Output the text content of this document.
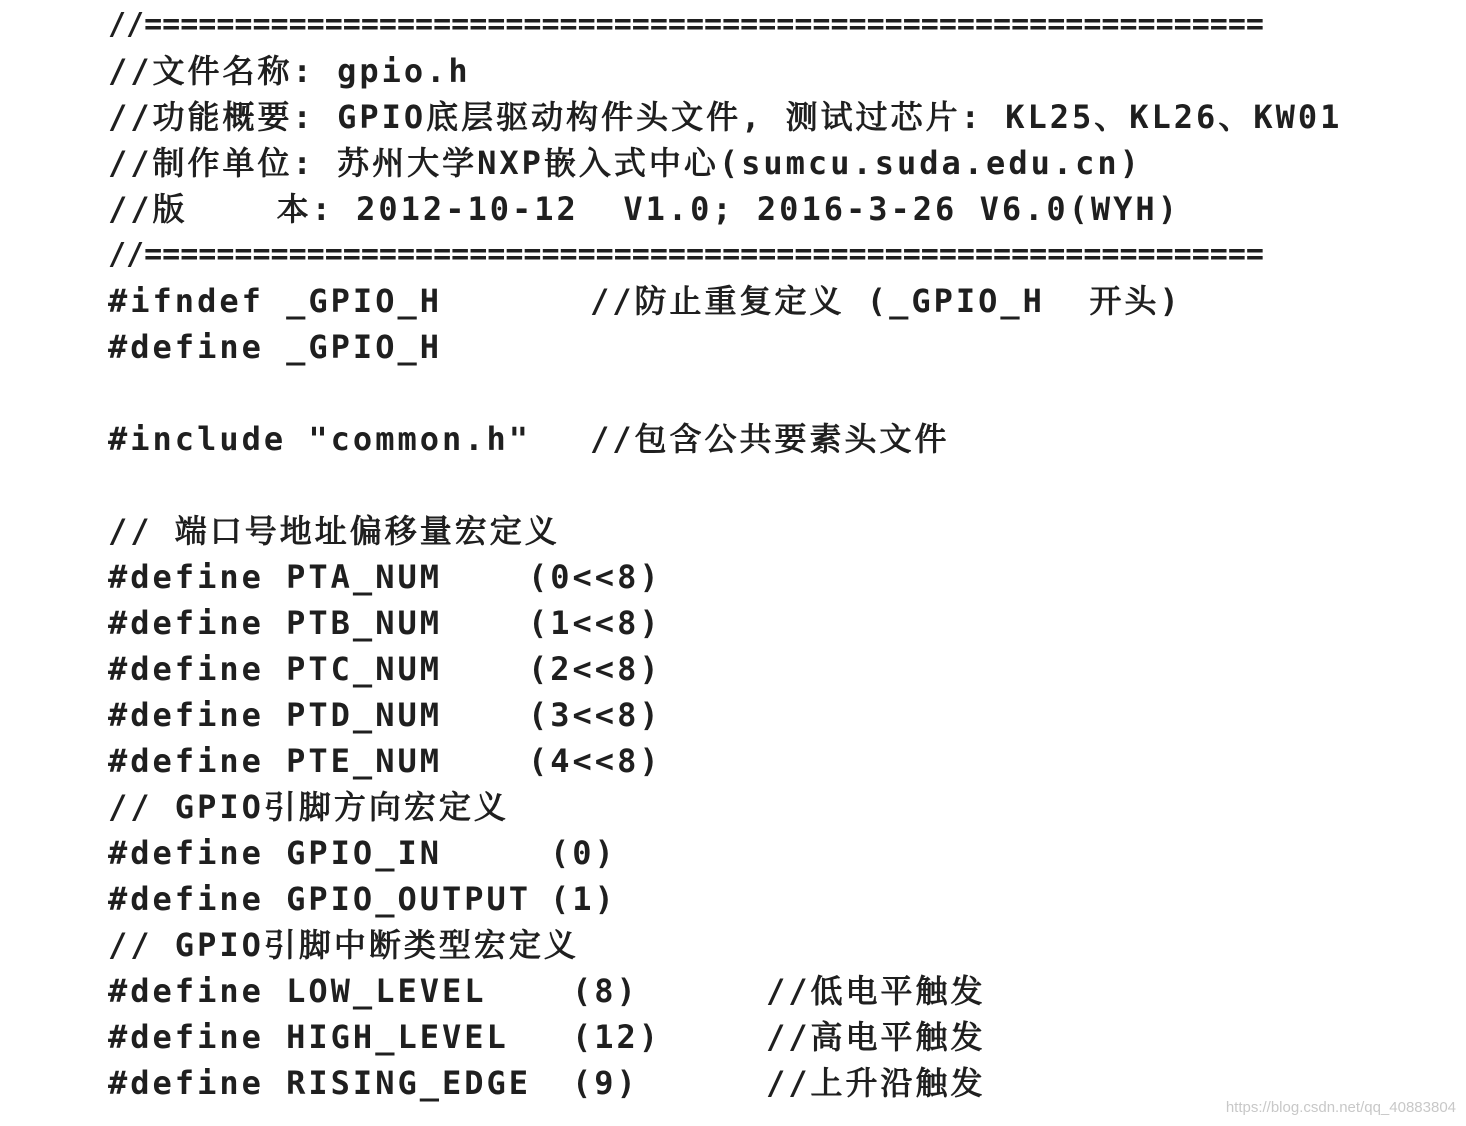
//==============================================================
//文件名称: gpio.h
//功能概要: GPIO底层驱动构件头文件, 测试过芯片: KL25、KL26、KW01
//制作单位: 苏州大学NXP嵌入式中心(sumcu.suda.edu.cn)
//版    本: 2012-10-12  V1.0; 2016-3-26 V6.0(WYH)
//==============================================================

#ifndef _GPIO_H

	//防止重复定义 (_GPIO_H  开头)

#define _GPIO_H

#include "common.h"

//包含公共要素头文件

// 端口号地址偏移量宏定义

#define PTA_NUM

	(0<<8)

#define PTB_NUM

	(1<<8)

#define PTC_NUM

	(2<<8)

#define PTD_NUM

	(3<<8)

#define PTE_NUM

	(4<<8)

// GPIO引脚方向宏定义

#define GPIO_IN

	(0)

#define GPIO_OUTPUT

(1)

// GPIO引脚中断类型宏定义

#define LOW_LEVEL

	(8)

	//低电平触发

#define HIGH_LEVEL

(12)

	//高电平触发

#define RISING_EDGE

(9)

	//上升沿触发

https://blog.csdn.net/qq_40883804
